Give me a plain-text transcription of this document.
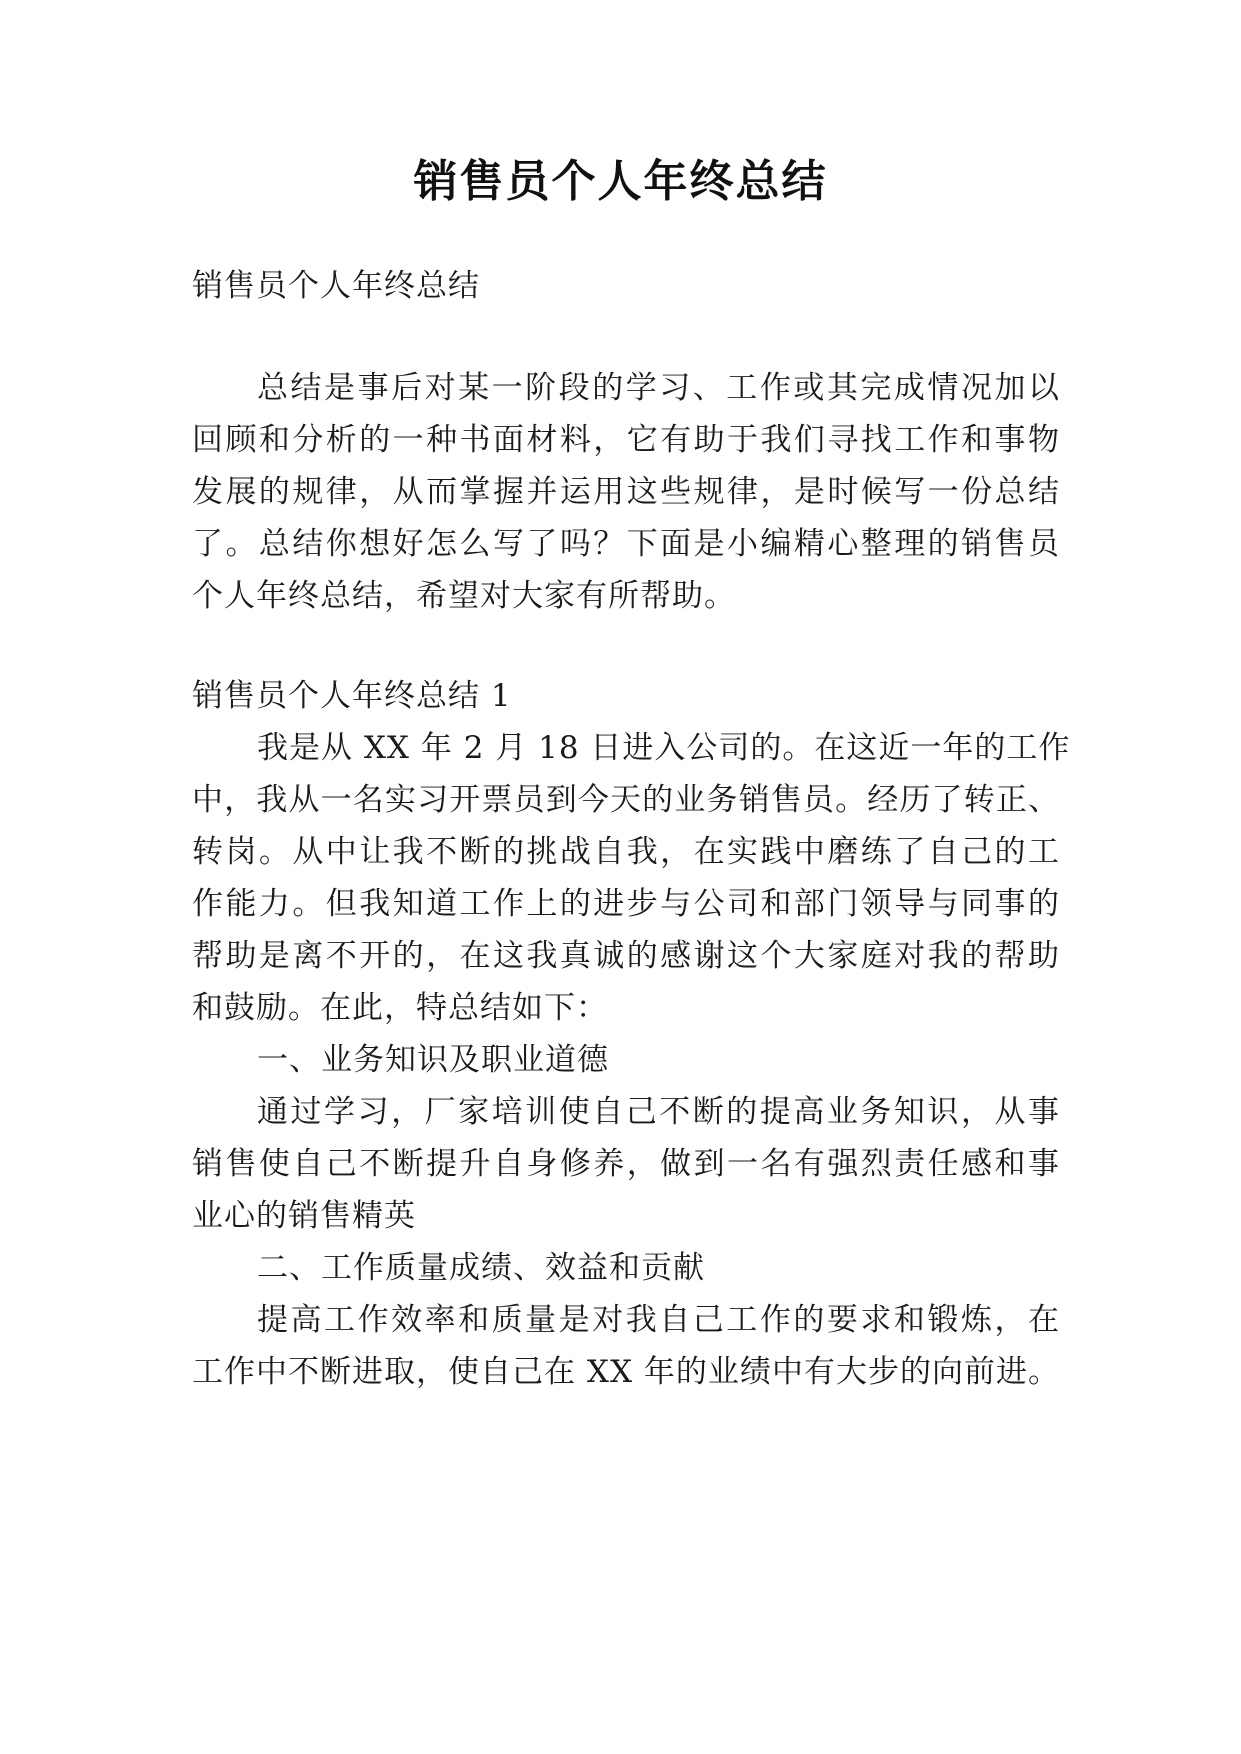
销售员个人年终总结
销售员个人年终总结
总结是事后对某一阶段的学习、工作或其完成情况加以
回顾和分析的一种书面材料，它有助于我们寻找工作和事物
发展的规律，从而掌握并运用这些规律，是时候写一份总结
了。总结你想好怎么写了吗？下面是小编精心整理的销售员
个人年终总结，希望对大家有所帮助。
销售员个人年终总结 1
我是从 XX 年 2 月 18 日进入公司的。在这近一年的工作
中，我从一名实习开票员到今天的业务销售员。经历了转正、
转岗。从中让我不断的挑战自我，在实践中磨练了自己的工
作能力。但我知道工作上的进步与公司和部门领导与同事的
帮助是离不开的，在这我真诚的感谢这个大家庭对我的帮助
和鼓励。在此，特总结如下：
一、业务知识及职业道德
通过学习，厂家培训使自己不断的提高业务知识，从事
销售使自己不断提升自身修养，做到一名有强烈责任感和事
业心的销售精英
二、工作质量成绩、效益和贡献
提高工作效率和质量是对我自己工作的要求和锻炼，在
工作中不断进取，使自己在 XX 年的业绩中有大步的向前进。
